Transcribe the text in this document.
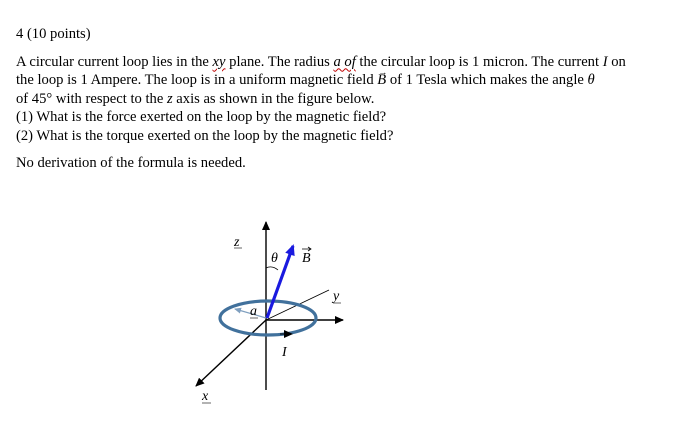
4 (10 points)
A circular current loop lies in the xy plane. The radius a of the circular loop is 1 micron. The current I on
the loop is 1 Ampere. The loop is in a uniform magnetic field → B of 1 Tesla which makes the angle θ
of 45° with respect to the z axis as shown in the figure below.
(1) What is the force exerted on the loop by the magnetic field?
(2) What is the torque exerted on the loop by the magnetic field?
No derivation of the formula is needed.
z
θ B
y
a
I
x
